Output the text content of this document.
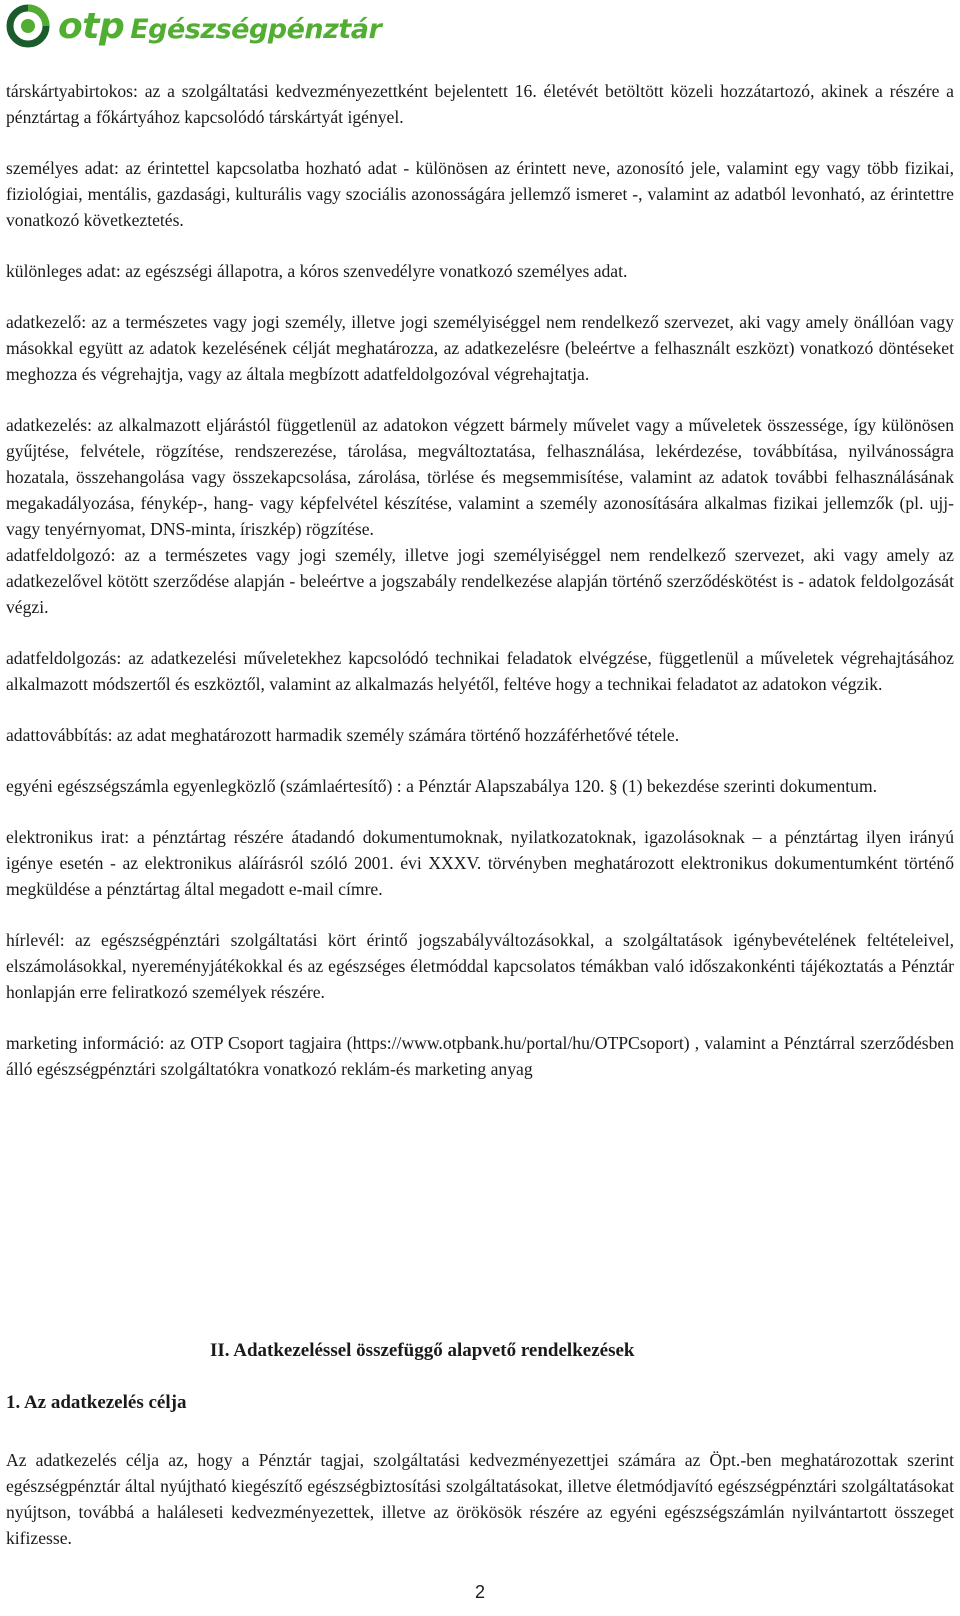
otp Egészségpénztár

társkártyabirtokos: az a szolgáltatási kedvezményezettként bejelentett 16. életévét betöltött közeli hozzátartozó, akinek a részére a pénztártag a főkártyához kapcsolódó társkártyát igényel.

személyes adat: az érintettel kapcsolatba hozható adat - különösen az érintett neve, azonosító jele, valamint egy vagy több fizikai, fiziológiai, mentális, gazdasági, kulturális vagy szociális azonosságára jellemző ismeret -, valamint az adatból levonható, az érintettre vonatkozó következtetés.

különleges adat: az egészségi állapotra, a kóros szenvedélyre vonatkozó személyes adat.

adatkezelő: az a természetes vagy jogi személy, illetve jogi személyiséggel nem rendelkező szervezet, aki vagy amely önállóan vagy másokkal együtt az adatok kezelésének célját meghatározza, az adatkezelésre (beleértve a felhasznált eszközt) vonatkozó döntéseket meghozza és végrehajtja, vagy az általa megbízott adatfeldolgozóval végrehajtatja.

adatkezelés: az alkalmazott eljárástól függetlenül az adatokon végzett bármely művelet vagy a műveletek összessége, így különösen gyűjtése, felvétele, rögzítése, rendszerezése, tárolása, megváltoztatása, felhasználása, lekérdezése, továbbítása, nyilvánosságra hozatala, összehangolása vagy összekapcsolása, zárolása, törlése és megsemmisítése, valamint az adatok további felhasználásának megakadályozása, fénykép-, hang- vagy képfelvétel készítése, valamint a személy azonosítására alkalmas fizikai jellemzők (pl. ujj- vagy tenyérnyomat, DNS-minta, íriszkép) rögzítése.

adatfeldolgozó: az a természetes vagy jogi személy, illetve jogi személyiséggel nem rendelkező szervezet, aki vagy amely az adatkezelővel kötött szerződése alapján - beleértve a jogszabály rendelkezése alapján történő szerződéskötést is - adatok feldolgozását végzi.

adatfeldolgozás: az adatkezelési műveletekhez kapcsolódó technikai feladatok elvégzése, függetlenül a műveletek végrehajtásához alkalmazott módszertől és eszköztől, valamint az alkalmazás helyétől, feltéve hogy a technikai feladatot az adatokon végzik.

adattovábbítás: az adat meghatározott harmadik személy számára történő hozzáférhetővé tétele.

egyéni egészségszámla egyenlegközlő (számlaértesítő) : a Pénztár Alapszabálya 120. § (1) bekezdése szerinti dokumentum.

elektronikus irat: a pénztártag részére átadandó dokumentumoknak, nyilatkozatoknak, igazolásoknak – a pénztártag ilyen irányú igénye esetén - az elektronikus aláírásról szóló 2001. évi XXXV. törvényben meghatározott elektronikus dokumentumként történő megküldése a pénztártag által megadott e-mail címre.

hírlevél: az egészségpénztári szolgáltatási kört érintő jogszabályváltozásokkal, a szolgáltatások igénybevételének feltételeivel, elszámolásokkal, nyereményjátékokkal és az egészséges életmóddal kapcsolatos témákban való időszakonkénti tájékoztatás a Pénztár honlapján erre feliratkozó személyek részére.

marketing információ: az OTP Csoport tagjaira (https://www.otpbank.hu/portal/hu/OTPCsoport) , valamint a Pénztárral szerződésben álló egészségpénztári szolgáltatókra vonatkozó reklám-és marketing anyag

II. Adatkezeléssel összefüggő alapvető rendelkezések
1. Az adatkezelés célja

Az adatkezelés célja az, hogy a Pénztár tagjai, szolgáltatási kedvezményezettjei számára az Öpt.-ben meghatározottak szerint egészségpénztár által nyújtható kiegészítő egészségbiztosítási szolgáltatásokat, illetve életmódjavító egészségpénztári szolgáltatásokat nyújtson, továbbá a haláleseti kedvezményezettek, illetve az örökösök részére az egyéni egészségszámlán nyilvántartott összeget kifizesse.

2
